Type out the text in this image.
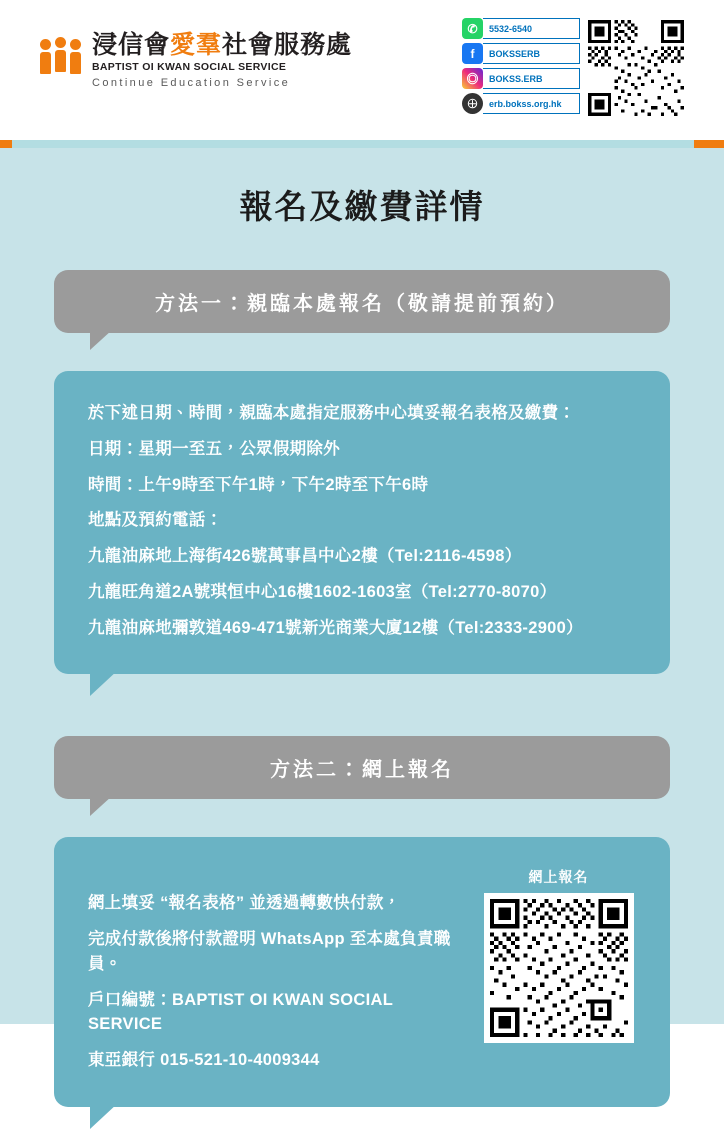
浸信會愛羣社會服務處
BAPTIST OI KWAN SOCIAL SERVICE
Continue Education Service
✆	5532-6540
f	BOKSSERB
◎	BOKSS.ERB
⊕	erb.bokss.org.hk
報名及繳費詳情
方法一：親臨本處報名（敬請提前預約）

於下述日期、時間，親臨本處指定服務中心填妥報名表格及繳費：

日期：星期一至五，公眾假期除外

時間：上午9時至下午1時，下午2時至下午6時

地點及預約電話：

九龍油麻地上海街426號萬事昌中心2樓（Tel:2116-4598）

九龍旺角道2A號琪恒中心16樓1602-1603室（Tel:2770-8070）

九龍油麻地彌敦道469-471號新光商業大廈12樓（Tel:2333-2900）

方法二：網上報名

網上填妥 “報名表格” 並透過轉數快付款，

完成付款後將付款證明 WhatsApp 至本處負責職員。

戶口編號：BAPTIST OI KWAN SOCIAL SERVICE

東亞銀行 015-521-10-4009344

網上報名
